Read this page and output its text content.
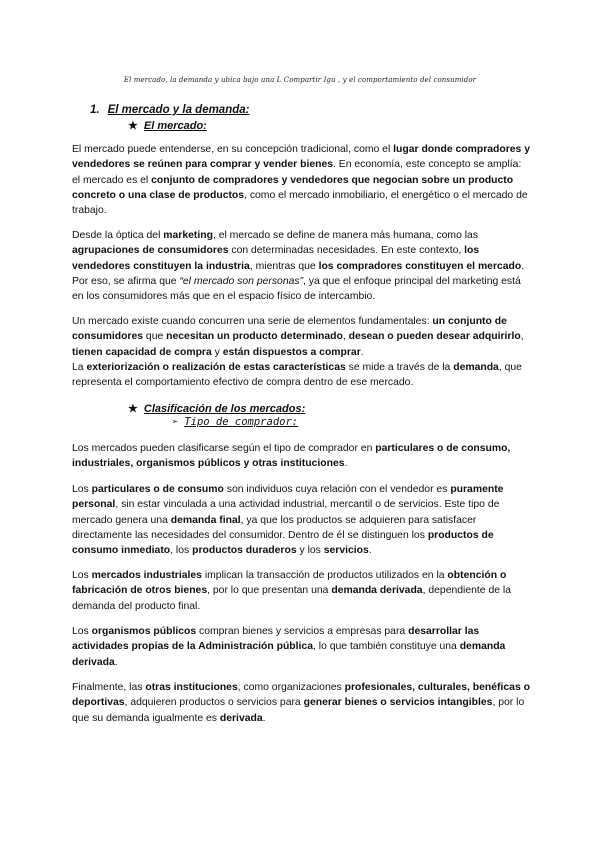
El mercado, la demanda y ubica bajo una L Compartir Igu , y el comportamiento del consumidor
1. El mercado y la demanda:
★ El mercado:

El mercado puede entenderse, en su concepción tradicional, como el lugar donde compradores y vendedores se reúnen para comprar y vender bienes. En economía, este concepto se amplía: el mercado es el conjunto de compradores y vendedores que negocian sobre un producto concreto o una clase de productos, como el mercado inmobiliario, el energético o el mercado de trabajo.

Desde la óptica del marketing, el mercado se define de manera más humana, como las agrupaciones de consumidores con determinadas necesidades. En este contexto, los vendedores constituyen la industria, mientras que los compradores constituyen el mercado. Por eso, se afirma que “el mercado son personas”, ya que el enfoque principal del marketing está en los consumidores más que en el espacio físico de intercambio.

Un mercado existe cuando concurren una serie de elementos fundamentales: un conjunto de consumidores que necesitan un producto determinado, desean o pueden desear adquirirlo, tienen capacidad de compra y están dispuestos a comprar.

La exteriorización o realización de estas características se mide a través de la demanda, que representa el comportamiento efectivo de compra dentro de ese mercado.

★ Clasificación de los mercados:
➢ Tipo de comprador:

Los mercados pueden clasificarse según el tipo de comprador en particulares o de consumo, industriales, organismos públicos y otras instituciones.

Los particulares o de consumo son individuos cuya relación con el vendedor es puramente personal, sin estar vinculada a una actividad industrial, mercantil o de servicios. Este tipo de mercado genera una demanda final, ya que los productos se adquieren para satisfacer directamente las necesidades del consumidor. Dentro de él se distinguen los productos de consumo inmediato, los productos duraderos y los servicios.

Los mercados industriales implican la transacción de productos utilizados en la obtención o fabricación de otros bienes, por lo que presentan una demanda derivada, dependiente de la demanda del producto final.

Los organismos públicos compran bienes y servicios a empresas para desarrollar las actividades propias de la Administración pública, lo que también constituye una demanda derivada.

Finalmente, las otras instituciones, como organizaciones profesionales, culturales, benéficas o deportivas, adquieren productos o servicios para generar bienes o servicios intangibles, por lo que su demanda igualmente es derivada.
